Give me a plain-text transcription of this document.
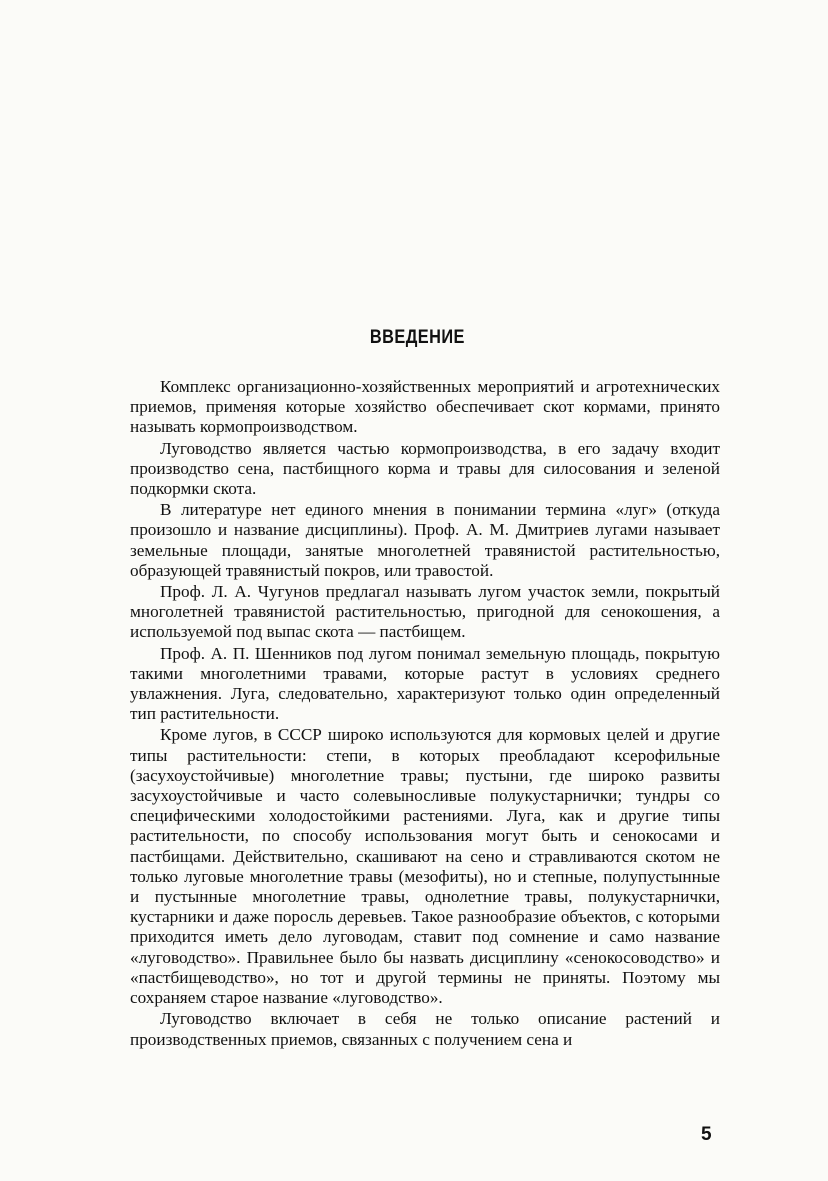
ВВЕДЕНИЕ

Комплекс организационно-хозяйственных мероприятий и агротехнических приемов, применяя которые хозяйство обеспечивает скот кормами, принято называть кормопроизводством.

Луговодство является частью кормопроизводства, в его задачу входит производство сена, пастбищного корма и травы для силосования и зеленой подкормки скота.

В литературе нет единого мнения в понимании термина «луг» (откуда произошло и название дисциплины). Проф. А. М. Дмитриев лугами называет земельные площади, занятые многолетней травянистой растительностью, образующей травянистый покров, или травостой.

Проф. Л. А. Чугунов предлагал называть лугом участок земли, покрытый многолетней травянистой растительностью, пригодной для сенокошения, а используемой под выпас скота — пастбищем.

Проф. А. П. Шенников под лугом понимал земельную площадь, покрытую такими многолетними травами, которые растут в условиях среднего увлажнения. Луга, следовательно, характеризуют только один определенный тип растительности.

Кроме лугов, в СССР широко используются для кормовых целей и другие типы растительности: степи, в которых преобладают ксерофильные (засухоустойчивые) многолетние травы; пустыни, где широко развиты засухоустойчивые и часто солевыносливые полукустарнички; тундры со специфическими холодостойкими растениями. Луга, как и другие типы растительности, по способу использования могут быть и сенокосами и пастбищами. Действительно, скашивают на сено и стравливаются скотом не только луговые многолетние травы (мезофиты), но и степные, полупустынные и пустынные многолетние травы, однолетние травы, полукустарнички, кустарники и даже поросль деревьев. Такое разнообразие объектов, с которыми приходится иметь дело луговодам, ставит под сомнение и само название «луговодство». Правильнее было бы назвать дисциплину «сенокосоводство» и «пастбищеводство», но тот и другой термины не приняты. Поэтому мы сохраняем старое название «луговодство».

Луговодство включает в себя не только описание растений и производственных приемов, связанных с получением сена и

5
